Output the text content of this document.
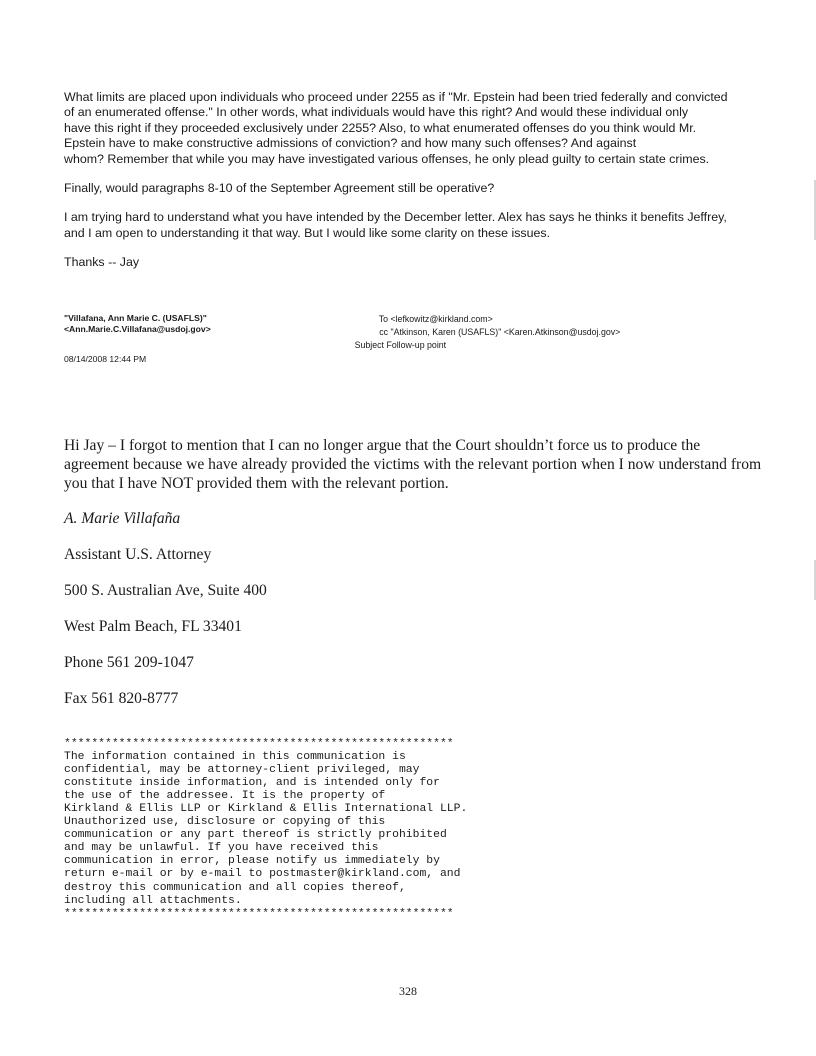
What limits are placed upon individuals who proceed under 2255 as if "Mr. Epstein had been tried federally and convicted
of an enumerated offense." In other words, what individuals would have this right? And would these individual only
have this right if they proceeded exclusively under 2255? Also, to what enumerated offenses do you think would Mr.
Epstein have to make constructive admissions of conviction? and how many such offenses? And against
whom? Remember that while you may have investigated various offenses, he only plead guilty to certain state crimes.

Finally, would paragraphs 8-10 of the September Agreement still be operative?

I am trying hard to understand what you have intended by the December letter. Alex has says he thinks it benefits Jeffrey,
and I am open to understanding it that way. But I would like some clarity on these issues.

Thanks -- Jay

"Villafana, Ann Marie C. (USAFLS)"
<Ann.Marie.C.Villafana@usdoj.gov>
08/14/2008 12:44 PM
To <lefkowitz@kirkland.com>
cc "Atkinson, Karen (USAFLS)" <Karen.Atkinson@usdoj.gov>
Subject Follow-up point

Hi Jay – I forgot to mention that I can no longer argue that the Court shouldn’t force us to produce the
agreement because we have already provided the victims with the relevant portion when I now understand from
you that I have NOT provided them with the relevant portion.

A. Marie Villafaña
Assistant U.S. Attorney
500 S. Australian Ave, Suite 400
West Palm Beach, FL 33401
Phone 561 209-1047
Fax 561 820-8777
*********************************************************
The information contained in this communication is
confidential, may be attorney-client privileged, may
constitute inside information, and is intended only for
the use of the addressee. It is the property of
Kirkland & Ellis LLP or Kirkland & Ellis International LLP.
Unauthorized use, disclosure or copying of this
communication or any part thereof is strictly prohibited
and may be unlawful. If you have received this
communication in error, please notify us immediately by
return e-mail or by e-mail to postmaster@kirkland.com, and
destroy this communication and all copies thereof,
including all attachments.
*********************************************************
328
